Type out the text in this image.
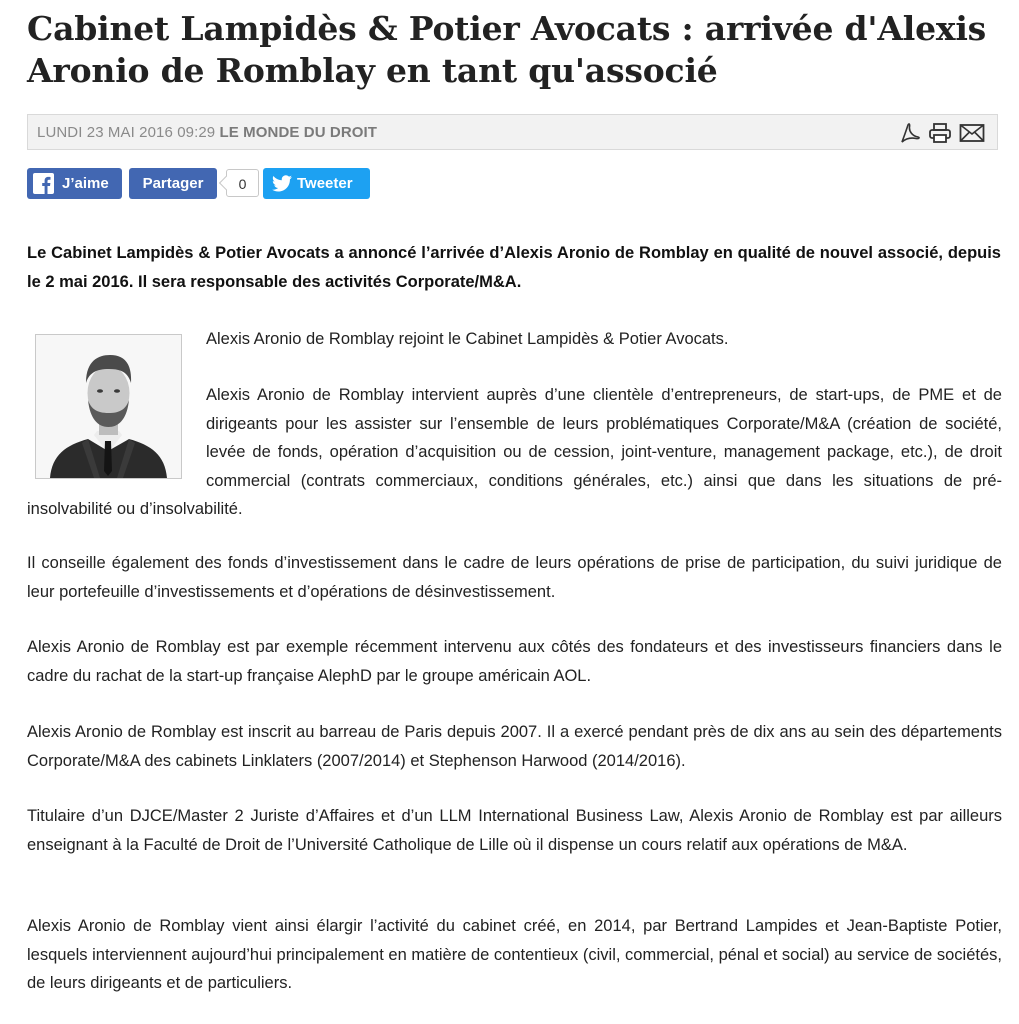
Cabinet Lampidès & Potier Avocats : arrivée d'Alexis Aronio de Romblay en tant qu'associé
LUNDI 23 MAI 2016 09:29 LE MONDE DU DROIT
J’aime	Partager	0	Tweeter

Le Cabinet Lampidès & Potier Avocats a annoncé l’arrivée d’Alexis Aronio de Romblay en qualité de nouvel associé, depuis le 2 mai 2016. Il sera responsable des activités Corporate/M&A.

Alexis Aronio de Romblay rejoint le Cabinet Lampidès & Potier Avocats.

Alexis Aronio de Romblay intervient auprès d’une clientèle d’entrepreneurs, de start-ups, de PME et de dirigeants pour les assister sur l’ensemble de leurs problématiques Corporate/M&A (création de société, levée de fonds, opération d’acquisition ou de cession, joint-venture, management package, etc.), de droit commercial (contrats commerciaux, conditions générales, etc.) ainsi que dans les situations de pré-insolvabilité ou d’insolvabilité.

Il conseille également des fonds d’investissement dans le cadre de leurs opérations de prise de participation, du suivi juridique de leur portefeuille d’investissements et d’opérations de désinvestissement.

Alexis Aronio de Romblay est par exemple récemment intervenu aux côtés des fondateurs et des investisseurs financiers dans le cadre du rachat de la start-up française AlephD par le groupe américain AOL.

Alexis Aronio de Romblay est inscrit au barreau de Paris depuis 2007. Il a exercé pendant près de dix ans au sein des départements Corporate/M&A des cabinets Linklaters (2007/2014) et Stephenson Harwood (2014/2016).

Titulaire d’un DJCE/Master 2 Juriste d’Affaires et d’un LLM International Business Law, Alexis Aronio de Romblay est par ailleurs enseignant à la Faculté de Droit de l’Université Catholique de Lille où il dispense un cours relatif aux opérations de M&A.

Alexis Aronio de Romblay vient ainsi élargir l’activité du cabinet créé, en 2014, par Bertrand Lampides et Jean-Baptiste Potier, lesquels interviennent aujourd’hui principalement en matière de contentieux (civil, commercial, pénal et social) au service de sociétés, de leurs dirigeants et de particuliers.
